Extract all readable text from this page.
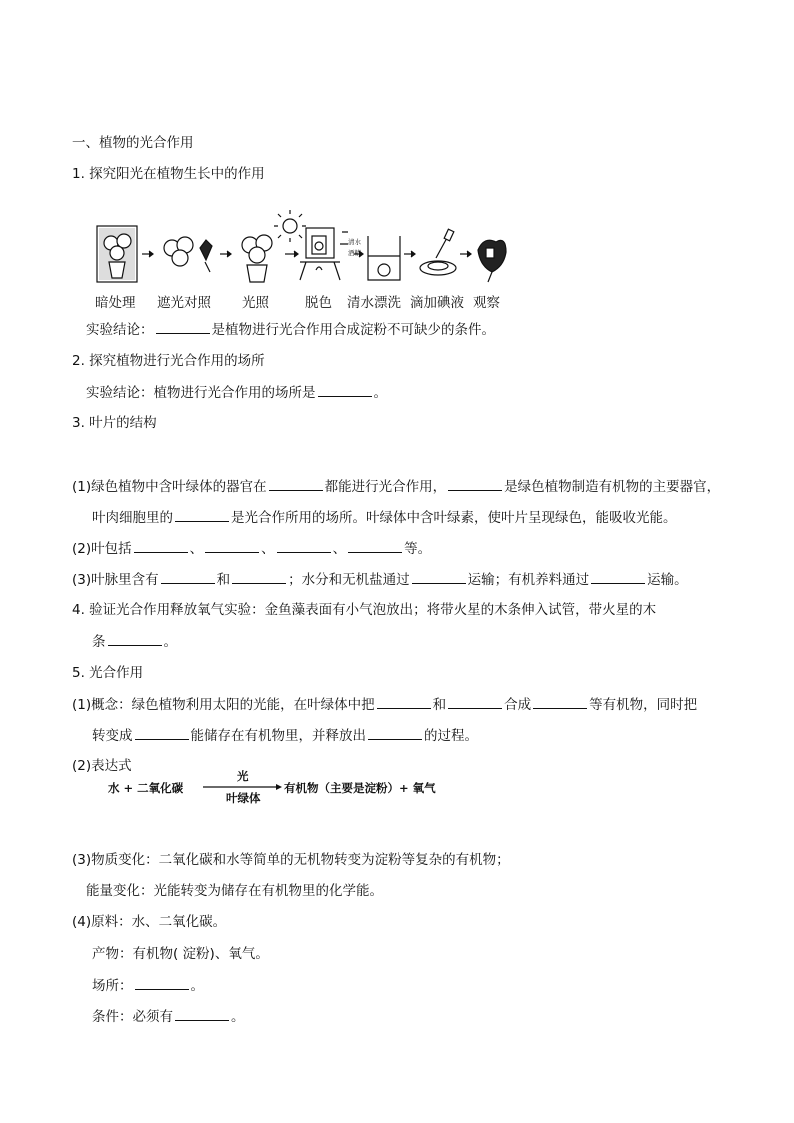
一、植物的光合作用
1. 探究阳光在植物生长中的作用
清水
酒精
暗处理 遮光对照 光照	脱色 清水漂洗 滴加碘液 观察
实验结论：	是植物进行光合作用合成淀粉不可缺少的条件。
2. 探究植物进行光合作用的场所
实验结论：植物进行光合作用的场所是	。
3. 叶片的结构
(1)绿色植物中含叶绿体的器官在	都能进行光合作用，	是绿色植物制造有机物的主要器官，
叶肉细胞里的	是光合作所用的场所。叶绿体中含叶绿素，使叶片呈现绿色，能吸收光能。
(2)叶包括	、	、	、	等。
(3)叶脉里含有	和	；水分和无机盐通过	运输；有机养料通过	运输。
4. 验证光合作用释放氧气实验：金鱼藻表面有小气泡放出；将带火星的木条伸入试管，带火星的木
条	。
5. 光合作用
(1)概念：绿色植物利用太阳的光能，在叶绿体中把	和	合成	等有机物，同时把
转变成	能储存在有机物里，并释放出	的过程。
(2)表达式
水 + 二氧化碳
光
叶绿体
有机物（主要是淀粉）+ 氧气
(3)物质变化：二氧化碳和水等简单的无机物转变为淀粉等复杂的有机物；
能量变化：光能转变为储存在有机物里的化学能。
(4)原料：水、二氧化碳。
产物：有机物( 淀粉)、氧气。
场所：	。
条件：必须有	。
